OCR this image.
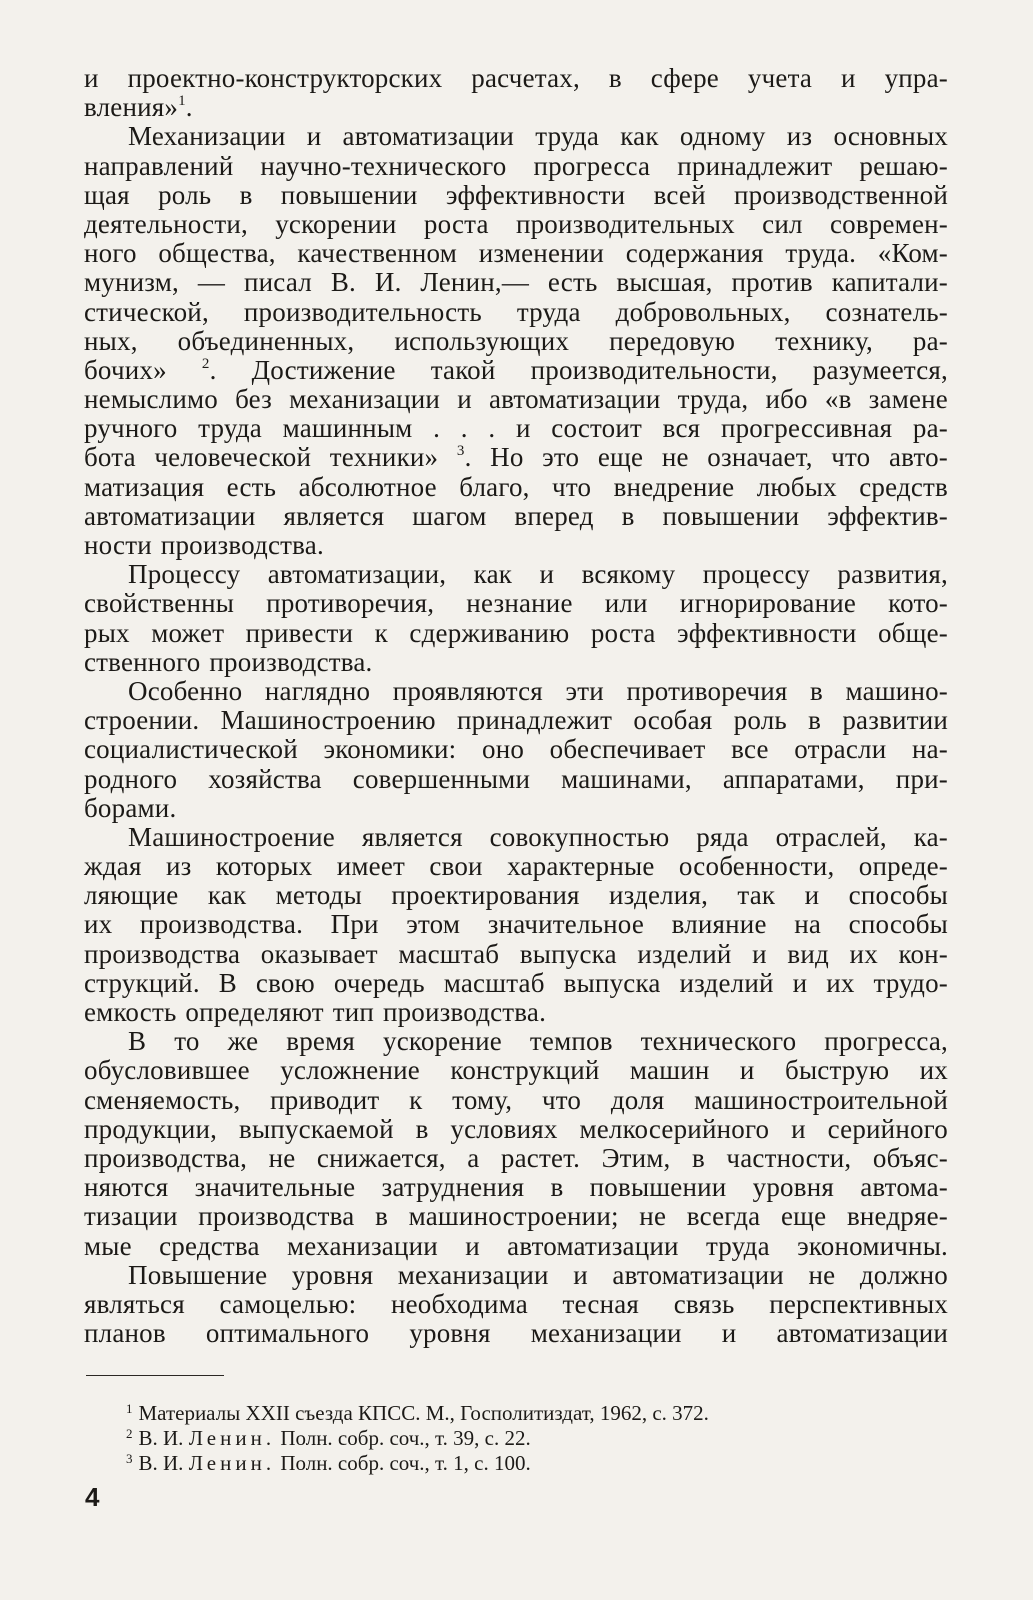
и проектно-конструкторских расчетах, в сфере учета и упра-
вления»$^1$.
Механизации и автоматизации труда как одному из основных
направлений научно-технического прогресса принадлежит решаю-
щая роль в повышении эффективности всей производственной
деятельности, ускорении роста производительных сил современ-
ного общества, качественном изменении содержания труда. «Ком-
мунизм, — писал В. И. Ленин,— есть высшая, против капитали-
стической, производительность труда добровольных, сознатель-
ных, объединенных, использующих передовую технику, ра-
бочих» $^2$. Достижение такой производительности, разумеется,
немыслимо без механизации и автоматизации труда, ибо «в замене
ручного труда машинным . . . и состоит вся прогрессивная ра-
бота человеческой техники» $^3$. Но это еще не означает, что авто-
матизация есть абсолютное благо, что внедрение любых средств
автоматизации является шагом вперед в повышении эффектив-
ности производства.
Процессу автоматизации, как и всякому процессу развития,
свойственны противоречия, незнание или игнорирование кото-
рых может привести к сдерживанию роста эффективности обще-
ственного производства.
Особенно наглядно проявляются эти противоречия в машино-
строении. Машиностроению принадлежит особая роль в развитии
социалистической экономики: оно обеспечивает все отрасли на-
родного хозяйства совершенными машинами, аппаратами, при-
борами.
Машиностроение является совокупностью ряда отраслей, ка-
ждая из которых имеет свои характерные особенности, опреде-
ляющие как методы проектирования изделия, так и способы
их производства. При этом значительное влияние на способы
производства оказывает масштаб выпуска изделий и вид их кон-
струкций. В свою очередь масштаб выпуска изделий и их трудо-
емкость определяют тип производства.
В то же время ускорение темпов технического прогресса,
обусловившее усложнение конструкций машин и быструю их
сменяемость, приводит к тому, что доля машиностроительной
продукции, выпускаемой в условиях мелкосерийного и серийного
производства, не снижается, а растет. Этим, в частности, объяс-
няются значительные затруднения в повышении уровня автома-
тизации производства в машиностроении; не всегда еще внедряе-
мые средства механизации и автоматизации труда экономичны.
Повышение уровня механизации и автоматизации не должно
являться самоцелью: необходима тесная связь перспективных
планов оптимального уровня механизации и автоматизации
$^1$ Материалы XXII съезда КПСС. М., Госполитиздат, 1962, с. 372.
$^2$ В. И. Ленин. Полн. собр. соч., т. 39, с. 22.
$^3$ В. И. Ленин. Полн. собр. соч., т. 1, с. 100.
4
